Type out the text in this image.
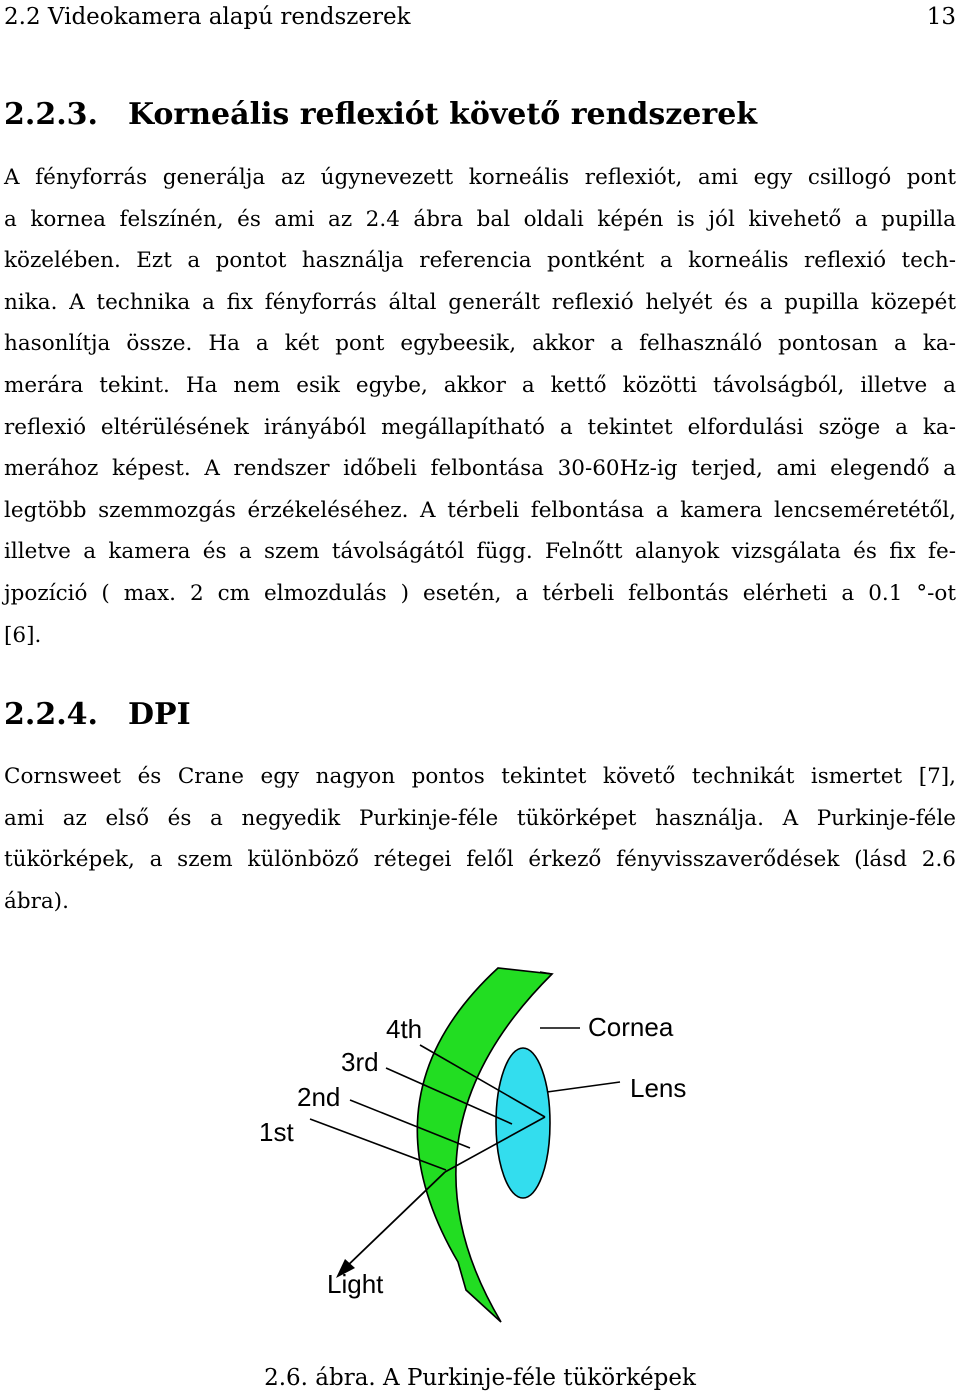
2.2 Videokamera alapú rendszerek	13
2.2.3. Korneális reflexiót követő rendszerek
A fényforrás generálja az úgynevezett korneális reflexiót, ami egy csillogó pont
a kornea felszínén, és ami az 2.4 ábra bal oldali képén is jól kivehető a pupilla
közelében. Ezt a pontot használja referencia pontként a korneális reflexió tech-
nika. A technika a fix fényforrás által generált reflexió helyét és a pupilla közepét
hasonlítja össze. Ha a két pont egybeesik, akkor a felhasználó pontosan a ka-
merára tekint. Ha nem esik egybe, akkor a kettő közötti távolságból, illetve a
reflexió eltérülésének irányából megállapítható a tekintet elfordulási szöge a ka-
merához képest. A rendszer időbeli felbontása 30-60Hz-ig terjed, ami elegendő a
legtöbb szemmozgás érzékeléséhez. A térbeli felbontása a kamera lencseméretétől,
illetve a kamera és a szem távolságától függ. Felnőtt alanyok vizsgálata és fix fe-
jpozíció ( max. 2 cm elmozdulás ) esetén, a térbeli felbontás elérheti a 0.1 °-ot
[6].
2.2.4. DPI
Cornsweet és Crane egy nagyon pontos tekintet követő technikát ismertet [7],
ami az első és a negyedik Purkinje-féle tükörképet használja. A Purkinje-féle
tükörképek, a szem különböző rétegei felől érkező fényvisszaverődések (lásd 2.6
ábra).
4th
3rd
2nd
1st
Cornea
Lens
Light
2.6. ábra. A Purkinje-féle tükörképek
